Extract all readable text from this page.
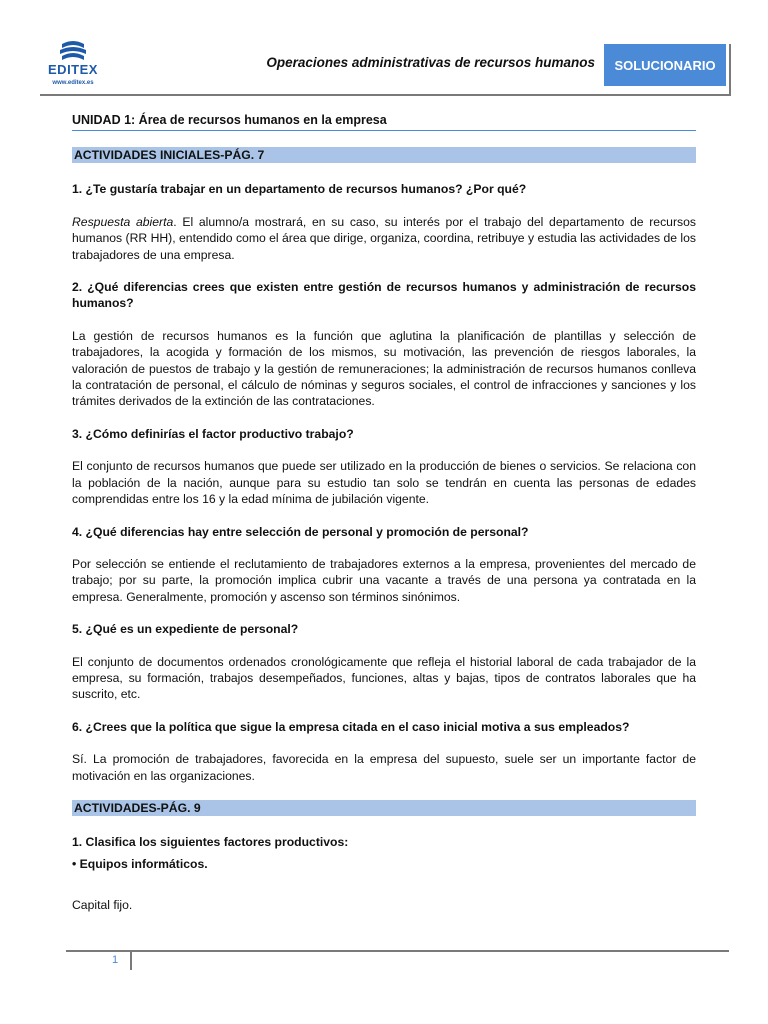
EDITEX
www.editex.es
Operaciones administrativas de recursos humanos	SOLUCIONARIO
UNIDAD 1: Área de recursos humanos en la empresa
ACTIVIDADES INICIALES-PÁG. 7
1. ¿Te gustaría trabajar en un departamento de recursos humanos? ¿Por qué?
Respuesta abierta. El alumno/a mostrará, en su caso, su interés por el trabajo del departamento de recursos humanos (RR HH), entendido como el área que dirige, organiza, coordina, retribuye y estudia las actividades de los trabajadores de una empresa.
2. ¿Qué diferencias crees que existen entre gestión de recursos humanos y administración de recursos humanos?
La gestión de recursos humanos es la función que aglutina la planificación de plantillas y selección de trabajadores, la acogida y formación de los mismos, su motivación, las prevención de riesgos laborales, la valoración de puestos de trabajo y la gestión de remuneraciones; la administración de recursos humanos conlleva la contratación de personal, el cálculo de nóminas y seguros sociales, el control de infracciones y sanciones y los trámites derivados de la extinción de las contrataciones.
3. ¿Cómo definirías el factor productivo trabajo?
El conjunto de recursos humanos que puede ser utilizado en la producción de bienes o servicios. Se relaciona con la población de la nación, aunque para su estudio tan solo se tendrán en cuenta las personas de edades comprendidas entre los 16 y la edad mínima de jubilación vigente.
4. ¿Qué diferencias hay entre selección de personal y promoción de personal?
Por selección se entiende el reclutamiento de trabajadores externos a la empresa, provenientes del mercado de trabajo; por su parte, la promoción implica cubrir una vacante a través de una persona ya contratada en la empresa. Generalmente, promoción y ascenso son términos sinónimos.
5. ¿Qué es un expediente de personal?
El conjunto de documentos ordenados cronológicamente que refleja el historial laboral de cada trabajador de la empresa, su formación, trabajos desempeñados, funciones, altas y bajas, tipos de contratos laborales que ha suscrito, etc.
6. ¿Crees que la política que sigue la empresa citada en el caso inicial motiva a sus empleados?
Sí. La promoción de trabajadores, favorecida en la empresa del supuesto, suele ser un importante factor de motivación en las organizaciones.
ACTIVIDADES-PÁG. 9
1. Clasifica los siguientes factores productivos:
• Equipos informáticos.
Capital fijo.
1
